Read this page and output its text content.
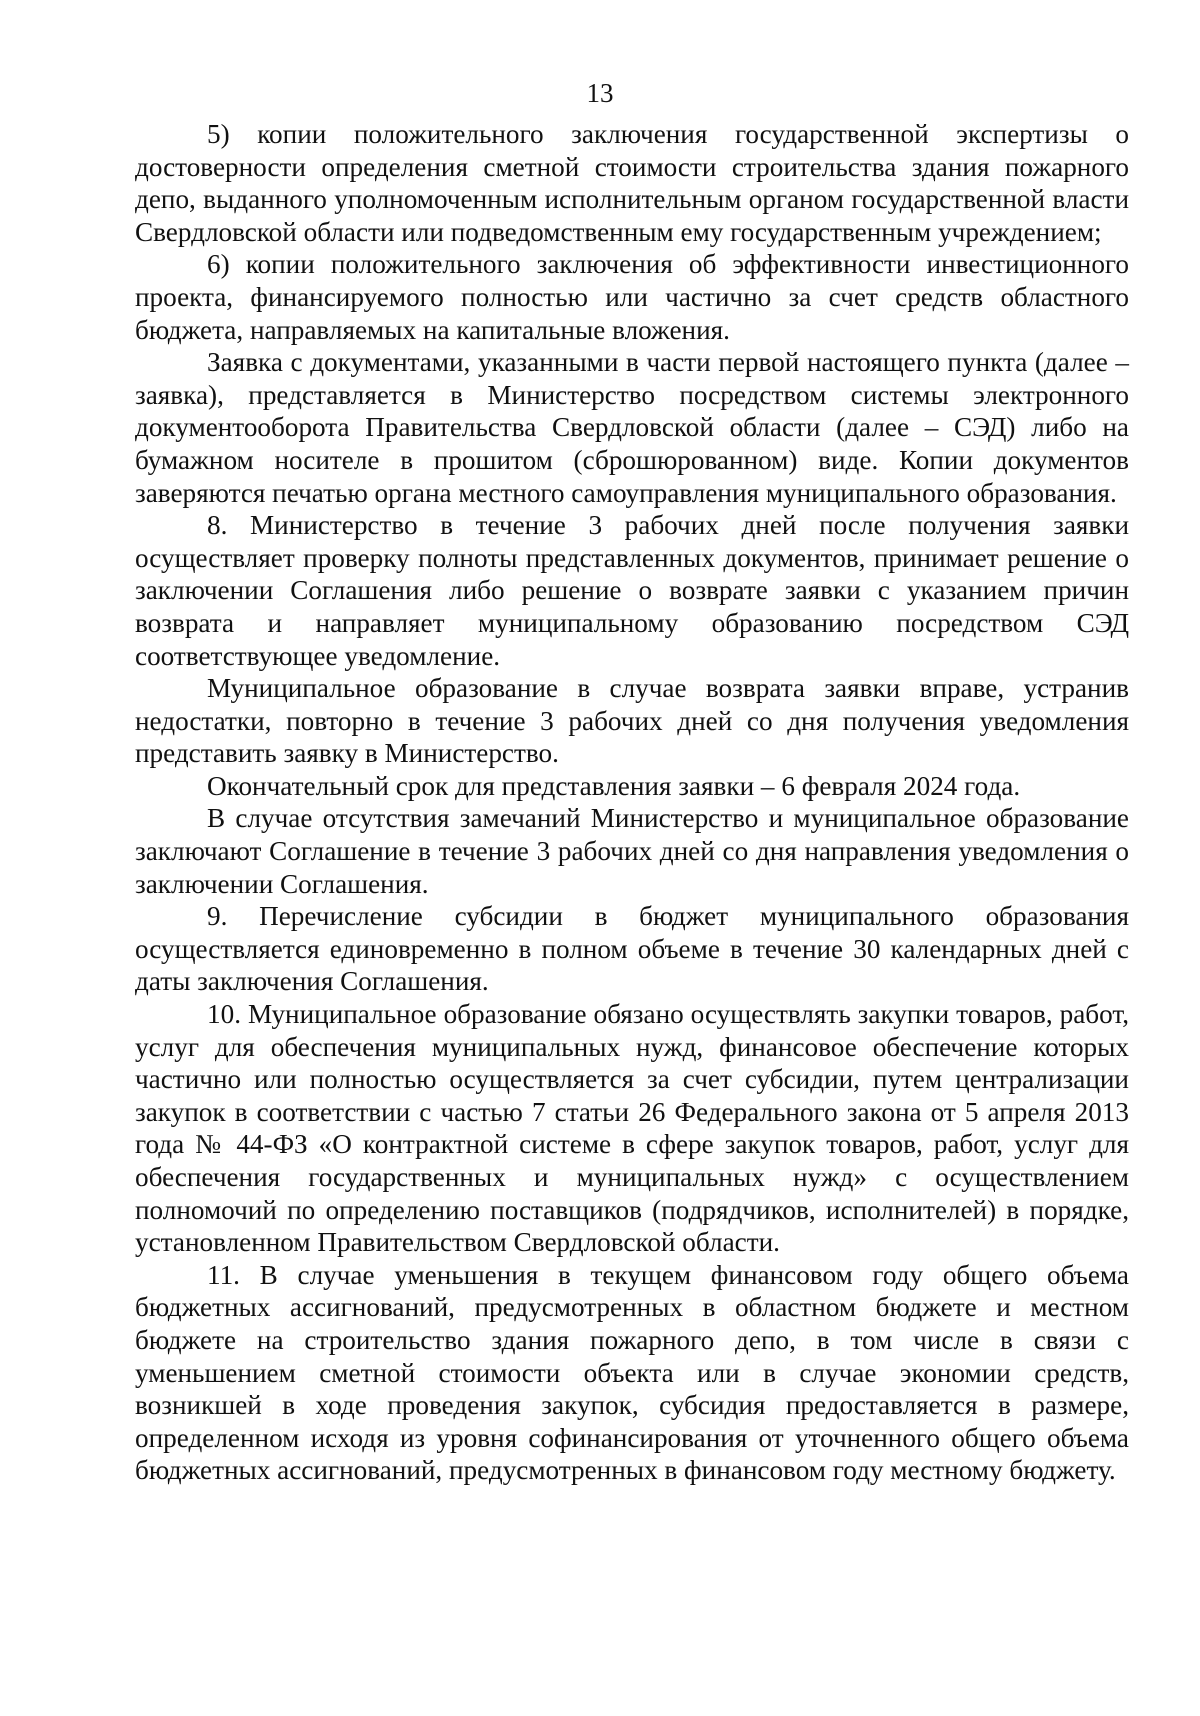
13

5) копии положительного заключения государственной экспертизы о достоверности определения сметной стоимости строительства здания пожарного депо, выданного уполномоченным исполнительным органом государственной власти Свердловской области или подведомственным ему государственным учреждением;

6) копии положительного заключения об эффективности инвестиционного проекта, финансируемого полностью или частично за счет средств областного бюджета, направляемых на капитальные вложения.

Заявка с документами, указанными в части первой настоящего пункта (далее – заявка), представляется в Министерство посредством системы электронного документооборота Правительства Свердловской области (далее – СЭД) либо на бумажном носителе в прошитом (сброшюрованном) виде. Копии документов заверяются печатью органа местного самоуправления муниципального образования.

8. Министерство в течение 3 рабочих дней после получения заявки осуществляет проверку полноты представленных документов, принимает решение о заключении Соглашения либо решение о возврате заявки с указанием причин возврата и направляет муниципальному образованию посредством СЭД соответствующее уведомление.

Муниципальное образование в случае возврата заявки вправе, устранив недостатки, повторно в течение 3 рабочих дней со дня получения уведомления представить заявку в Министерство.

Окончательный срок для представления заявки – 6 февраля 2024 года.

В случае отсутствия замечаний Министерство и муниципальное образование заключают Соглашение в течение 3 рабочих дней со дня направления уведомления о заключении Соглашения.

9. Перечисление субсидии в бюджет муниципального образования осуществляется единовременно в полном объеме в течение 30 календарных дней с даты заключения Соглашения.

10. Муниципальное образование обязано осуществлять закупки товаров, работ, услуг для обеспечения муниципальных нужд, финансовое обеспечение которых частично или полностью осуществляется за счет субсидии, путем централизации закупок в соответствии с частью 7 статьи 26 Федерального закона от 5 апреля 2013 года № 44-ФЗ «О контрактной системе в сфере закупок товаров, работ, услуг для обеспечения государственных и муниципальных нужд» с осуществлением полномочий по определению поставщиков (подрядчиков, исполнителей) в порядке, установленном Правительством Свердловской области.

11. В случае уменьшения в текущем финансовом году общего объема бюджетных ассигнований, предусмотренных в областном бюджете и местном бюджете на строительство здания пожарного депо, в том числе в связи с уменьшением сметной стоимости объекта или в случае экономии средств, возникшей в ходе проведения закупок, субсидия предоставляется в размере, определенном исходя из уровня софинансирования от уточненного общего объема бюджетных ассигнований, предусмотренных в финансовом году местному бюджету.
